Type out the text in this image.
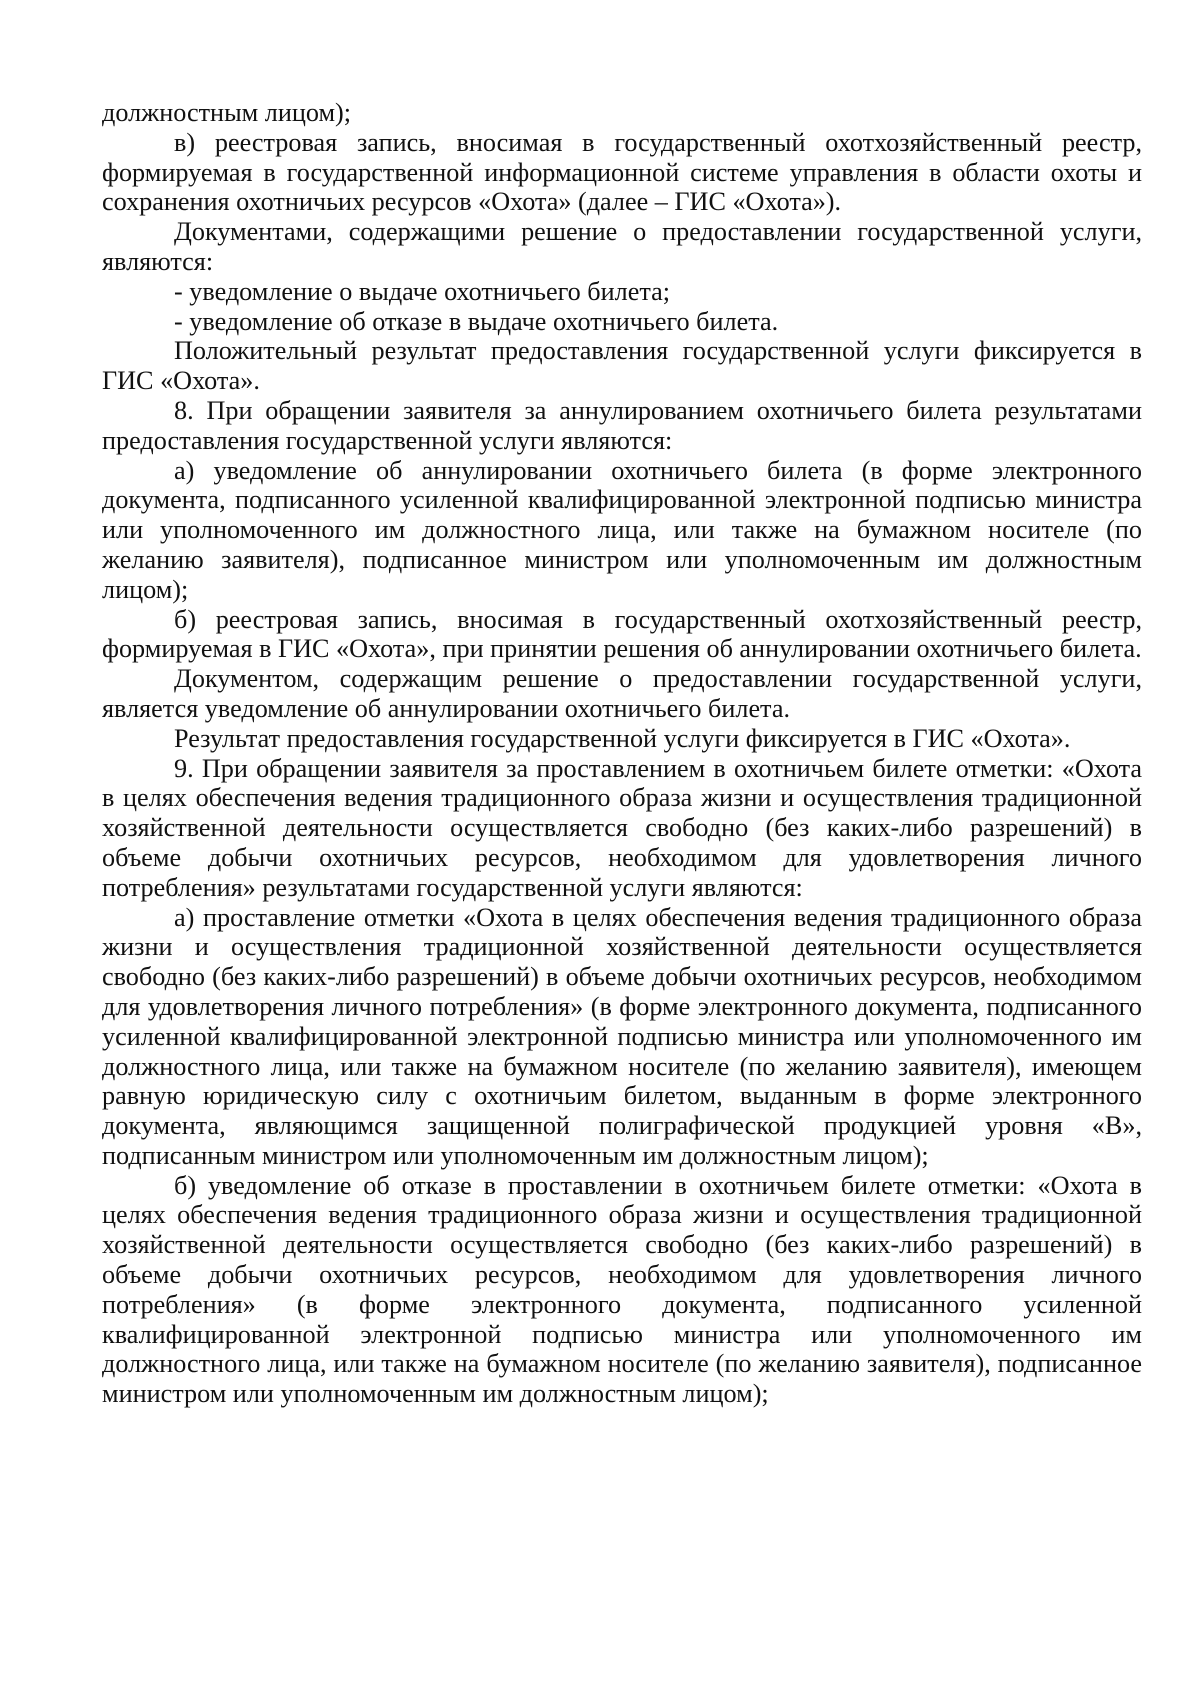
должностным лицом);

в) реестровая запись, вносимая в государственный охотхозяйственный реестр, формируемая в государственной информационной системе управления в области охоты и сохранения охотничьих ресурсов «Охота» (далее – ГИС «Охота»).

Документами, содержащими решение о предоставлении государственной услуги, являются:

- уведомление о выдаче охотничьего билета;

- уведомление об отказе в выдаче охотничьего билета.

Положительный результат предоставления государственной услуги фиксируется в ГИС «Охота».

8. При обращении заявителя за аннулированием охотничьего билета результатами предоставления государственной услуги являются:

а) уведомление об аннулировании охотничьего билета (в форме электронного документа, подписанного усиленной квалифицированной электронной подписью министра или уполномоченного им должностного лица, или также на бумажном носителе (по желанию заявителя), подписанное министром или уполномоченным им должностным лицом);

б) реестровая запись, вносимая в государственный охотхозяйственный реестр, формируемая в ГИС «Охота», при принятии решения об аннулировании охотничьего билета.

Документом, содержащим решение о предоставлении государственной услуги, является уведомление об аннулировании охотничьего билета.

Результат предоставления государственной услуги фиксируется в ГИС «Охота».

9. При обращении заявителя за проставлением в охотничьем билете отметки: «Охота в целях обеспечения ведения традиционного образа жизни и осуществления традиционной хозяйственной деятельности осуществляется свободно (без каких-либо разрешений) в объеме добычи охотничьих ресурсов, необходимом для удовлетворения личного потребления» результатами государственной услуги являются:

а) проставление отметки «Охота в целях обеспечения ведения традиционного образа жизни и осуществления традиционной хозяйственной деятельности осуществляется свободно (без каких-либо разрешений) в объеме добычи охотничьих ресурсов, необходимом для удовлетворения личного потребления» (в форме электронного документа, подписанного усиленной квалифицированной электронной подписью министра или уполномоченного им должностного лица, или также на бумажном носителе (по желанию заявителя), имеющем равную юридическую силу с охотничьим билетом, выданным в форме электронного документа, являющимся защищенной полиграфической продукцией уровня «В», подписанным министром или уполномоченным им должностным лицом);

б) уведомление об отказе в проставлении в охотничьем билете отметки: «Охота в целях обеспечения ведения традиционного образа жизни и осуществления традиционной хозяйственной деятельности осуществляется свободно (без каких-либо разрешений) в объеме добычи охотничьих ресурсов, необходимом для удовлетворения личного потребления» (в форме электронного документа, подписанного усиленной квалифицированной электронной подписью министра или уполномоченного им должностного лица, или также на бумажном носителе (по желанию заявителя), подписанное министром или уполномоченным им должностным лицом);
